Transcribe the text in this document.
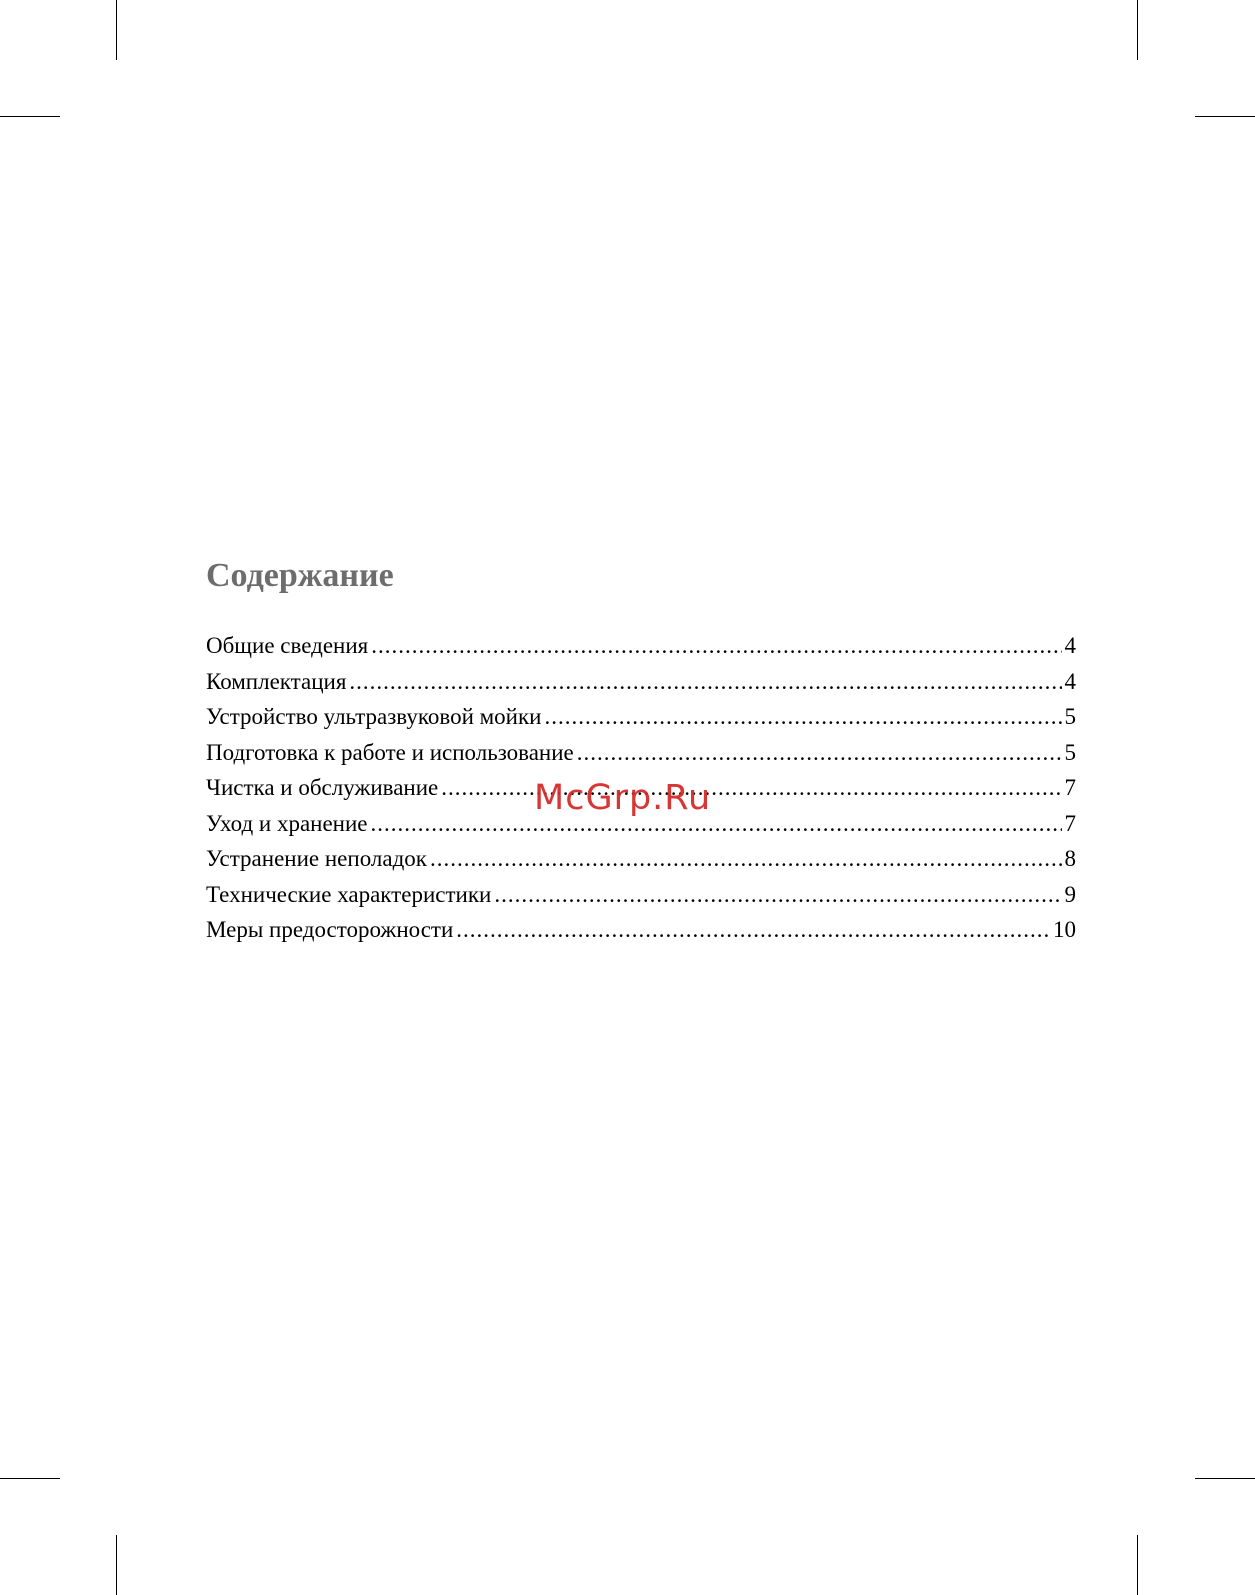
Содержание
Общие сведения .....	4
Комплектация .....	4
Устройство ультразвуковой мойки .....	5
Подготовка к работе и использование .....	5
Чистка и обслуживание .....	7
Уход и хранение .....	7
Устранение неполадок .....	8
Технические характеристики .....	9
Меры предосторожности .....	10
McGrp.Ru
